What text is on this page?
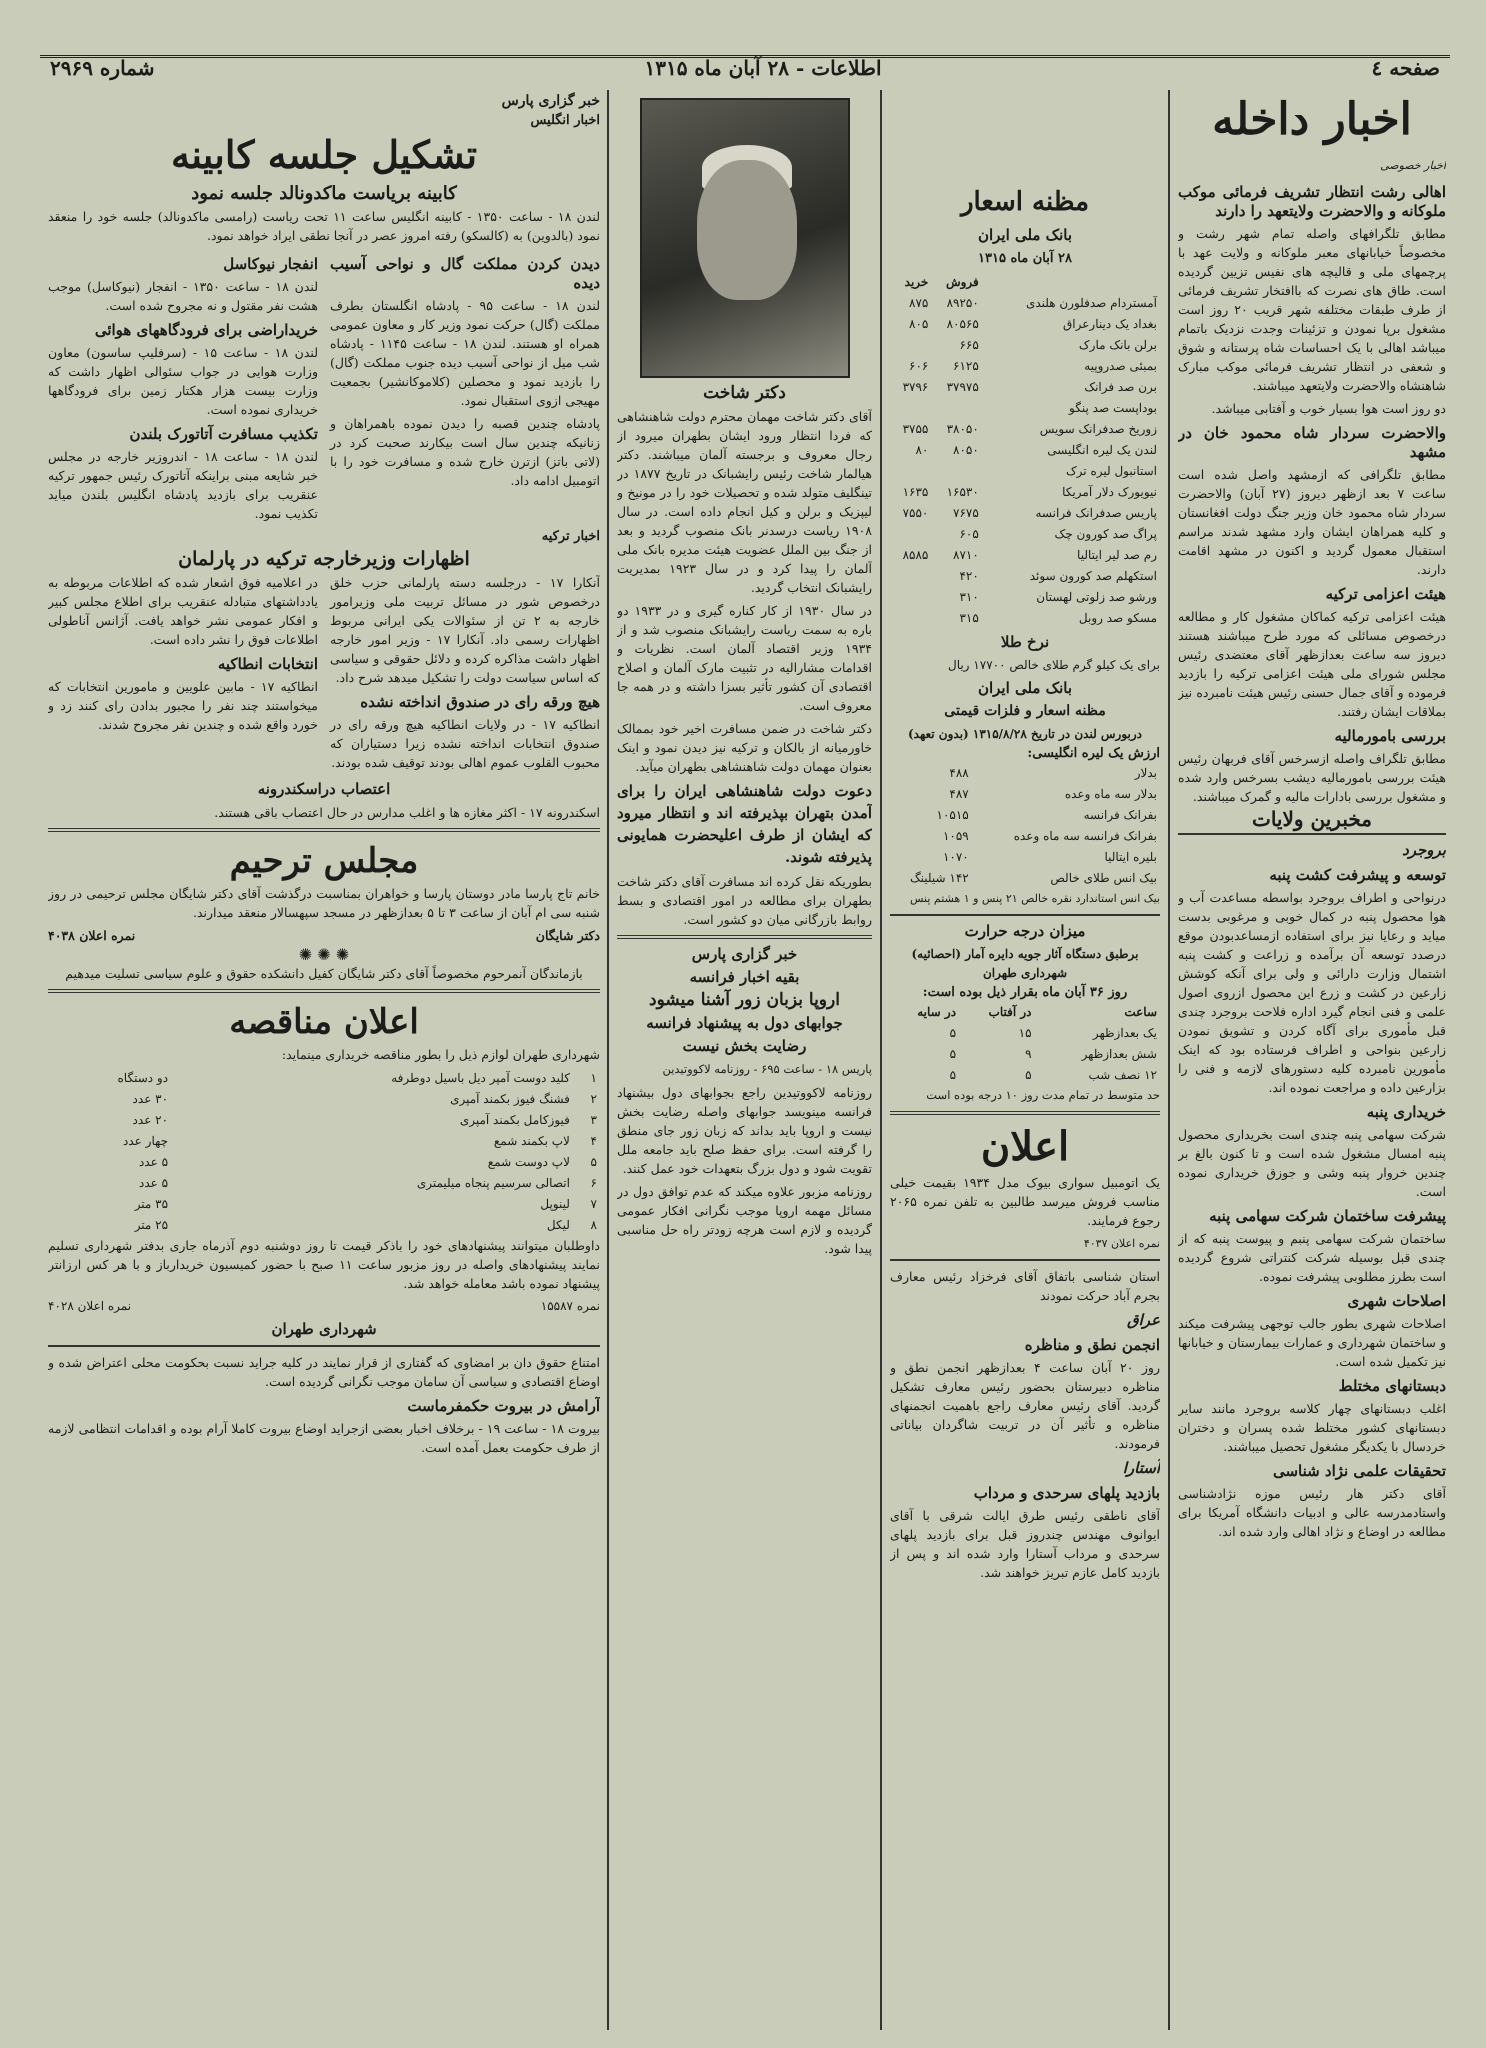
صفحه ٤
اطلاعات - ۲۸ آبان ماه ۱۳۱۵
شماره ۲۹۶۹
اخبار داخله
اخبار خصوصی
اهالی رشت انتظار تشریف فرمائی موکب ملوکانه و والاحضرت ولایتعهد را دارند

مطابق تلگرافهای واصله تمام شهر رشت و مخصوصاً خیابانهای معبر ملوکانه و ولایت عهد با پرچمهای ملی و قالیچه های نفیس تزیین گردیده است. طاق های نصرت که باافتخار تشریف فرمائی از طرف طبقات مختلفه شهر قریب ۲۰ روز است مشغول برپا نمودن و تزئینات وجدت نزدیک باتمام میباشد اهالی با یک احساسات شاه پرستانه و شوق و شعفی در انتظار تشریف فرمائی موکب مبارک شاهنشاه والاحضرت ولایتعهد میباشند.

دو روز است هوا بسیار خوب و آفتابی میباشد.

والاحضرت سردار شاه محمود خان در مشهد

مطابق تلگرافی که ازمشهد واصل شده است ساعت ۷ بعد ازظهر دیروز (۲۷ آبان) والاحضرت سردار شاه محمود خان وزیر جنگ دولت افغانستان و کلیه همراهان ایشان وارد مشهد شدند مراسم استقبال معمول گردید و اکنون در مشهد اقامت دارند.

هیئت اعزامی ترکیه

هیئت اعزامی ترکیه کماکان مشغول کار و مطالعه درخصوص مسائلی که مورد طرح میباشند هستند دیروز سه ساعت بعدازظهر آقای معتضدی رئیس مجلس شورای ملی هیئت اعزامی ترکیه را بازدید فرموده و آقای جمال حسنی رئیس هیئت نامبرده نیز بملاقات ایشان رفتند.

بررسی بامورمالیه

مطابق تلگراف واصله ازسرخس آقای فربهان رئیس هیئت بررسی بامورمالیه دیشب بسرخس وارد شده و مشغول بررسی بادارات مالیه و گمرک میباشند.

مخبرین ولایات
بروجرد
توسعه و پیشرفت کشت پنبه

درنواحی و اطراف بروجرد بواسطه مساعدت آب و هوا محصول پنبه در کمال خوبی و مرغوبی بدست میاید و رعایا نیز برای استفاده ازمساعدبودن موقع درصدد توسعه آن برآمده و زراعت و کشت پنبه اشتمال وزارت دارائی و ولی برای آنکه کوشش زارعین در کشت و زرع این محصول ازروی اصول علمی و فنی انجام گیرد اداره فلاحت بروجرد چندی قبل مأموری برای آگاه کردن و تشویق نمودن زارعین بنواحی و اطراف فرستاده بود که اینک مأمورین نامبرده کلیه دستورهای لازمه و فنی را بزارعین داده و مراجعت نموده اند.

خریداری پنبه

شرکت سهامی پنبه چندی است بخریداری محصول پنبه امسال مشغول شده است و تا کنون بالغ بر چندین خروار پنبه وشی و جوزق خریداری نموده است.

پیشرفت ساختمان شرکت سهامی پنبه

ساختمان شرکت سهامی پنبم و پیوست پنبه که از چندی قبل بوسیله شرکت کنتراتی شروع گردیده است بطرز مطلوبی پیشرفت نموده.

اصلاحات شهری

اصلاحات شهری بطور جالب توجهی پیشرفت میکند و ساختمان شهرداری و عمارات بیمارستان و خیابانها نیز تکمیل شده است.

دبستانهای مختلط

اغلب دبستانهای چهار کلاسه بروجرد مانند سایر دبستانهای کشور مختلط شده پسران و دختران خردسال با یکدیگر مشغول تحصیل میباشند.

تحقیقات علمی نژاد شناسی

آقای دکتر هار رئیس موزه نژادشناسی واستادمدرسه عالی و ادبیات دانشگاه آمریکا برای مطالعه در اوضاع و نژاد اهالی وارد شده اند.

مظنه اسعار
بانک ملی ایران
۲۸ آبان ماه ۱۳۱۵
	فروش	خرید
آمستردام صدفلورن هلندی	۸۹۲۵۰	۸۷۵
بغداد یک دینارعراق	۸۰۵۶۵	۸۰۵
برلن بانک مارک	۶۶۵	
بمبئی صدروپیه	۶۱۲۵	۶۰۶
برن صد فرانک	۳۷۹۷۵	۳۷۹۶
بوداپست صد پنگو		
زوریخ صدفرانک سویس	۳۸۰۵۰	۳۷۵۵
لندن یک لیره انگلیسی	۸۰۵۰	۸۰
استانبول لیره ترک		
نیویورک دلار آمریکا	۱۶۵۳۰	۱۶۳۵
پاریس صدفرانک فرانسه	۷۶۷۵	۷۵۵۰
پراگ صد کورون چک	۶۰۵	
رم صد لیر ایتالیا	۸۷۱۰	۸۵۸۵
استکهلم صد کورون سوئد	۴۲۰	
ورشو صد زلوتی لهستان	۳۱۰	
مسکو صد روبل	۳۱۵	
نرخ طلا

برای یک کیلو گرم طلای خالص ۱۷۷۰۰ ریال

بانک ملی ایران
مظنه اسعار و فلزات قیمتی
دربورس لندن در تاریخ ۱۳۱۵/۸/۲۸ (بدون تعهد)
ارزش یک لیره انگلیسی:
بدلار	۴۸۸
بدلار سه ماه وعده	۴۸۷
بفرانک فرانسه	۱۰۵۱۵
بفرانک فرانسه سه ماه وعده	۱۰۵۹
بلیره ایتالیا	۱۰۷۰
بیک انس طلای خالص	۱۴۲ شیلینگ

بیک انس استاندارد نقره خالص ۲۱ پنس و ۱ هشتم پنس

میزان درجه حرارت
برطبق دستگاه آثار جویه دایره آمار (احصائیه) شهرداری طهران
روز ۳۶ آبان ماه بقرار ذیل بوده است:
ساعت	در آفتاب	در سایه
یک بعدازظهر	۱۵	۵
شش بعدازظهر	۹	۵
۱۲ نصف شب	۵	۵

حد متوسط در تمام مدت روز ۱۰ درجه بوده است

اعلان

یک اتومبیل سواری بیوک مدل ۱۹۳۴ بقیمت خیلی مناسب فروش میرسد طالبین به تلفن نمره ۲۰۶۵ رجوع فرمایند.

نمره اعلان ۴۰۳۷

استان شناسی باتفاق آقای فرخزاد رئیس معارف بجرم آباد حرکت نمودند

عراق
انجمن نطق و مناظره

روز ۲۰ آبان ساعت ۴ بعدازظهر انجمن نطق و مناظره دبیرستان بحضور رئیس معارف تشکیل گردید. آقای رئیس معارف راجع باهمیت انجمنهای مناظره و تأثیر آن در تربیت شاگردان بیاناتی فرمودند.

آستارا
بازدید پلهای سرحدی و مرداب

آقای ناطقی رئیس طرق ایالت شرقی با آقای ایوانوف مهندس چندروز قبل برای بازدید پلهای سرحدی و مرداب آستارا وارد شده اند و پس از بازدید کامل عازم تبریز خواهند شد.

دکتر شاخت

آقای دکتر شاخت مهمان محترم دولت شاهنشاهی که فردا انتظار ورود ایشان بطهران میرود از رجال معروف و برجسته آلمان میباشند. دکتر هیالمار شاخت رئیس رایشبانک در تاریخ ۱۸۷۷ در تینگلیف متولد شده و تحصیلات خود را در مونیخ و لیپزیک و برلن و کیل انجام داده است. در سال ۱۹۰۸ ریاست درسدنر بانک منصوب گردید و بعد از جنگ بین الملل عضویت هیئت مدیره بانک ملی آلمان را پیدا کرد و در سال ۱۹۲۳ بمدیریت رایشبانک انتخاب گردید.

در سال ۱۹۳۰ از کار کناره گیری و در ۱۹۳۳ دو باره به سمت ریاست رایشبانک منصوب شد و از ۱۹۳۴ وزیر اقتصاد آلمان است. نظریات و اقدامات مشارالیه در تثبیت مارک آلمان و اصلاح اقتصادی آن کشور تأثیر بسزا داشته و در همه جا معروف است.

دکتر شاخت در ضمن مسافرت اخیر خود بممالک خاورمیانه از بالکان و ترکیه نیز دیدن نمود و اینک بعنوان مهمان دولت شاهنشاهی بطهران میآید.

دعوت دولت شاهنشاهی ایران را برای آمدن بتهران بپذیرفته اند و انتظار میرود که ایشان از طرف اعلیحضرت همایونی پذیرفته شوند.

بطوریکه نقل کرده اند مسافرت آقای دکتر شاخت بطهران برای مطالعه در امور اقتصادی و بسط روابط بازرگانی میان دو کشور است.

خبر گزاری پارس
بقیه اخبار فرانسه
اروپا بزبان زور آشنا میشود
جوابهای دول به پیشنهاد فرانسه
رضایت بخش نیست

پاریس ۱۸ - ساعت ۶۹۵ - روزنامه لاکووتیدین

روزنامه لاکووتیدین راجع بجوابهای دول بیشنهاد فرانسه مینویسد جوابهای واصله رضایت بخش نیست و اروپا باید بداند که زبان زور جای منطق را گرفته است. برای حفظ صلح باید جامعه ملل تقویت شود و دول بزرگ بتعهدات خود عمل کنند.

روزنامه مزبور علاوه میکند که عدم توافق دول در مسائل مهمه اروپا موجب نگرانی افکار عمومی گردیده و لازم است هرچه زودتر راه حل مناسبی پیدا شود.

خبر گزاری پارس
اخبار انگلیس
تشکیل جلسه کابینه
کابینه بریاست ماکدونالد جلسه نمود

لندن ۱۸ - ساعت ۱۳۵۰ - کابینه انگلیس ساعت ۱۱ تحت ریاست (رامسی ماکدونالد) جلسه خود را منعقد نمود (بالدوین) به (کالسکو) رفته امروز عصر در آنجا نطقی ایراد خواهد نمود.

دیدن کردن مملکت گال و نواحی آسیب دیده

لندن ۱۸ - ساعت ۹۵ - پادشاه انگلستان بطرف مملکت (گال) حرکت نمود وزیر کار و معاون عمومی همراه او هستند. لندن ۱۸ - ساعت ۱۱۴۵ - پادشاه شب میل از نواحی آسیب دیده جنوب مملکت (گال) را بازدید نمود و محصلین (کلاموکانشیر) بجمعیت مهیجی ازوی استقبال نمود.

پادشاه چندین قصبه را دیدن نموده باهمراهان و زنانیکه چندین سال است بیکارند صحبت کرد در (لاتی باتز) ازترن خارج شده و مسافرت خود را با اتومبیل ادامه داد.

انفجار نیوکاسل

لندن ۱۸ - ساعت ۱۳۵۰ - انفجار (نیوکاسل) موجب هشت نفر مقتول و نه مجروح شده است.

خریداراضی برای فرودگاههای هوائی

لندن ۱۸ - ساعت ۱۵ - (سرفلیپ ساسون) معاون وزارت هوایی در جواب سئوالی اظهار داشت که وزارت بیست هزار هکتار زمین برای فرودگاهها خریداری نموده است.

تکذیب مسافرت آتاتورک بلندن

لندن ۱۸ - ساعت ۱۸ - اندروزیر خارجه در مجلس خبر شایعه مبنی براینکه آتاتورک رئیس جمهور ترکیه عنقریب برای بازدید پادشاه انگلیس بلندن میاید تکذیب نمود.

اخبار ترکیه
اظهارات وزیرخارجه ترکیه در پارلمان

آنکارا ۱۷ - درجلسه دسته پارلمانی حزب خلق درخصوص شور در مسائل تربیت ملی وزیرامور خارجه به ۲ تن از سئوالات یکی ایرانی مربوط اظهارات رسمی داد. آنکارا ۱۷ - وزیر امور خارجه اظهار داشت مذاکره کرده و دلائل حقوقی و سیاسی که اساس سیاست دولت را تشکیل میدهد شرح داد.

هیچ ورقه رای در صندوق انداخته نشده

انطاکیه ۱۷ - در ولایات انطاکیه هیچ ورقه رای در صندوق انتخابات انداخته نشده زیرا دستیاران که محبوب القلوب عموم اهالی بودند توقیف شده بودند.

در اعلامیه فوق اشعار شده که اطلاعات مربوطه به یادداشتهای متبادله عنقریب برای اطلاع مجلس کبیر و افکار عمومی نشر خواهد یافت. آژانس آناطولی اطلاعات فوق را نشر داده است.

انتخابات انطاکیه

انطاکیه ۱۷ - مابین علویین و مامورین انتخابات که میخواستند چند نفر را مجبور بدادن رای کنند زد و خورد واقع شده و چندین نفر مجروح شدند.

اعتصاب دراسکندرونه

اسکندرونه ۱۷ - اکثر مغازه ها و اغلب مدارس در حال اعتصاب باقی هستند.

مجلس ترحیم

خانم تاج پارسا مادر دوستان پارسا و خواهران بمناسبت درگذشت آقای دکتر شایگان مجلس ترحیمی در روز شنبه سی ام آبان از ساعت ۳ تا ۵ بعدازظهر در مسجد سپهسالار منعقد میدارند.

دکتر شایگان
نمره اعلان ۴۰۳۸
✺ ✺ ✺

بازماندگان آنمرحوم مخصوصاً آقای دکتر شایگان کفیل دانشکده حقوق و علوم سیاسی تسلیت میدهیم

اعلان مناقصه

شهرداری طهران لوازم ذیل را بطور مناقصه خریداری مینماید:

۱	کلید دوست آمپر دیل باسیل دوطرفه	دو دستگاه
۲	فشنگ فیوز بکمند آمپری	۳۰ عدد
۳	فیوزکامل بکمند آمپری	۲۰ عدد
۴	لاپ بکمند شمع	چهار عدد
۵	لاپ دوست شمع	۵ عدد
۶	اتصالی سرسیم پنجاه میلیمتری	۵ عدد
۷	لینوپل	۳۵ متر
۸	لیکل	۲۵ متر

داوطلبان میتوانند پیشنهادهای خود را باذکر قیمت تا روز دوشنبه دوم آذرماه جاری بدفتر شهرداری تسلیم نمایند پیشنهادهای واصله در روز مزبور ساعت ۱۱ صبح با حضور کمیسیون خریدارباز و با هر کس ارزانتر پیشنهاد نموده باشد معامله خواهد شد.

نمره ۱۵۵۸۷
نمره اعلان ۴۰۲۸
شهرداری طهران

امتناع حقوق دان بر امضاوی که گفتاری از قرار نمایند در کلیه جراید نسبت بحکومت محلی اعتراض شده و اوضاع اقتصادی و سیاسی آن سامان موجب نگرانی گردیده است.

آرامش در بیروت حکمفرماست

بیروت ۱۸ - ساعت ۱۹ - برخلاف اخبار بعضی ازجراید اوضاع بیروت کاملا آرام بوده و اقدامات انتظامی لازمه از طرف حکومت بعمل آمده است.
